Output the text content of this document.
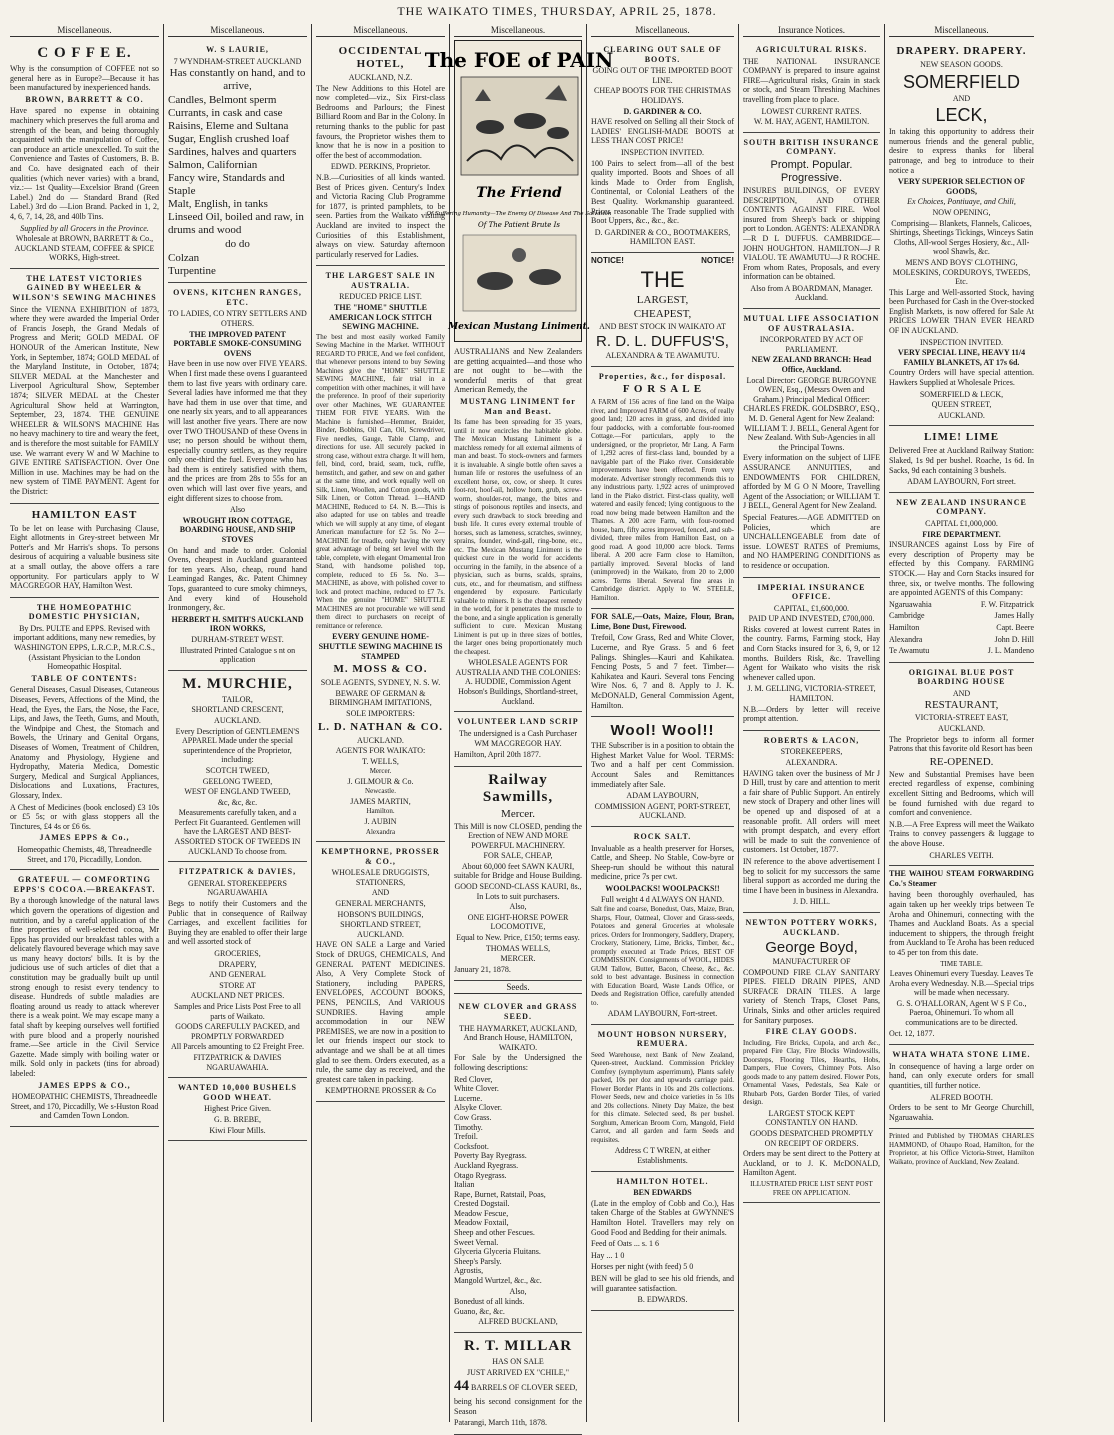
THE WAIKATO TIMES, THURSDAY, APRIL 25, 1878.
Miscellaneous.
C O F F E E.

Why is the consumption of COFFEE not so general here as in Europe?—Because it has been manufactured by inexperienced hands.

BROWN, BARRETT & CO.

Have spared no expense in obtaining machinery which preserves the full aroma and strength of the bean, and being thoroughly acquainted with the manipulation of Coffee, can produce an article unexcelled. To suit the Convenience and Tastes of Customers, B. B. and Co. have designated each of their qualities (which never varies) with a brand, viz.:— 1st Quality—Excelsior Brand (Green Label.) 2nd do — Standard Brand (Red Label.) 3rd do —Lion Brand. Packed in 1, 2, 4, 6, 7, 14, 28, and 40lb Tins.

Supplied by all Grocers in the Province.

Wholesale at BROWN, BARRETT & Co., AUCKLAND STEAM, COFFEE & SPICE WORKS, High-street.

THE LATEST VICTORIES GAINED BY WHEELER & WILSON'S SEWING MACHINES

Since the VIENNA EXHIBITION of 1873, where they were awarded the Imperial Order of Francis Joseph, the Grand Medals of Progress and Merit; GOLD MEDAL OF HONOUR of the American Institute, New York, in September, 1874; GOLD MEDAL of the Maryland Institute, in October, 1874; SILVER MEDAL at the Manchester and Liverpool Agricultural Show, September 1874; SILVER MEDAL at the Chester Agricultural Show held at Warrington, September, 23, 1874. THE GENUINE WHEELER & WILSON'S MACHINE Has no heavy machinery to tire and weary the feet, and is therefore the most suitable for FAMILY use. We warrant every W and W Machine to GIVE ENTIRE SATISFACTION. Over One Million in use. Machines may be had on the new system of TIME PAYMENT. Agent for the District:

HAMILTON EAST

To be let on lease with Purchasing Clause, Eight allotments in Grey-street between Mr Potter's and Mr Harris's shops. To persons desirous of acquiring a valuable business site at a small outlay, the above offers a rare opportunity. For particulars apply to W MACGREGOR HAY, Hamilton West.

THE HOMEOPATHIC DOMESTIC PHYSICIAN,

By Drs. PULTE and EPPS. Revised with important additions, many new remedies, by WASHINGTON EPPS, L.R.C.P., M.R.C.S., (Assistant Physician to the London Homeopathic Hospital.

TABLE OF CONTENTS:

General Diseases, Casual Diseases, Cutaneous Diseases, Fevers, Affections of the Mind, the Head, the Eyes, the Ears, the Nose, the Face, Lips, and Jaws, the Teeth, Gums, and Mouth, the Windpipe and Chest, the Stomach and Bowels, the Urinary and Genital Organs, Diseases of Women, Treatment of Children, Anatomy and Physiology, Hygiene and Hydropathy, Materia Medica, Domestic Surgery, Medical and Surgical Appliances, Dislocations and Luxations, Fractures, Glossary, Index.

A Chest of Medicines (book enclosed) £3 10s or £5 5s; or with glass stoppers all the Tinctures, £4 4s or £6 6s.

JAMES EPPS & Co.,

Homeopathic Chemists, 48, Threadneedle Street, and 170, Piccadilly, London.

GRATEFUL — COMFORTING EPPS'S COCOA.—BREAKFAST.

By a thorough knowledge of the natural laws which govern the operations of digestion and nutrition, and by a careful application of the fine properties of well-selected cocoa, Mr Epps has provided our breakfast tables with a delicately flavoured beverage which may save us many heavy doctors' bills. It is by the judicious use of such articles of diet that a constitution may be gradually built up until strong enough to resist every tendency to disease. Hundreds of subtle maladies are floating around us ready to attack wherever there is a weak point. We may escape many a fatal shaft by keeping ourselves well fortified with pure blood and a properly nourished frame.—See article in the Civil Service Gazette. Made simply with boiling water or milk. Sold only in packets (tins for abroad) labeled:

JAMES EPPS & CO.,

HOMEOPATHIC CHEMISTS, Threadneedle Street, and 170, Piccadilly, We s-Huston Road and Camden Town London.

Miscellaneous.
W. S LAURIE,
7 WYNDHAM-STREET AUCKLAND

Has constantly on hand, and to arrive,

Candles, Belmont sperm

Currants, in cask and case

Raisins, Eleme and Sultana

Sugar, English crushed loaf

Sardines, halves and quarters

Salmon, Californian

Fancy wire, Standards and Staple

Malt, English, in tanks

Linseed Oil, boiled and raw, in drums and wood

do do

Colzan

Turpentine

OVENS, KITCHEN RANGES, ETC.

TO LADIES, CO NTRY SETTLERS AND OTHERS.

THE IMPROVED PATENT PORTABLE SMOKE-CONSUMING OVENS

Have been in use now over FIVE YEARS. When I first made these ovens I guaranteed them to last five years with ordinary care. Several ladies have informed me that they have had them in use over that time, and one nearly six years, and to all appearances will last another five years. There are now over TWO THOUSAND of these Ovens in use; no person should be without them, especially country settlers, as they require only one-third the fuel. Everyone who has had them is entirely satisfied with them, and the prices are from 28s to 55s for an oven which will last over five years, and eight different sizes to choose from.

Also

WROUGHT IRON COTTAGE, BOARDING HOUSE, AND SHIP STOVES

On hand and made to order. Colonial Ovens, cheapest in Auckland guaranteed for ten years. Also, cheap, round hand Leamingad Ranges, &c. Patent Chimney Tops, guaranteed to cure smoky chimneys, And every kind of Household Ironmongery, &c.

HERBERT H. SMITH'S AUCKLAND IRON WORKS,

DURHAM-STREET WEST.

Illustrated Printed Catalogue s nt on application

M. MURCHIE,

TAILOR,

SHORTLAND CRESCENT,

AUCKLAND.

Every Description of GENTLEMEN'S APPAREL Made under the special superintendence of the Proprietor, including:

SCOTCH TWEED,

GEELONG TWEED,

WEST OF ENGLAND TWEED,

&c, &c, &c.

Measurements carefully taken, and a Perfect Fit Guaranteed. Gentlemen will have the LARGEST AND BEST-ASSORTED STOCK OF TWEEDS IN AUCKLAND To choose from.

FITZPATRICK & DAVIES,

GENERAL STOREKEEPERS NGARUAWAHIA

Begs to notify their Customers and the Public that in consequence of Railway Carriages, and excellent facilities for Buying they are enabled to offer their large and well assorted stock of

GROCERIES,

DRAPERY,

AND GENERAL

STORE AT

AUCKLAND NET PRICES.

Samples and Price Lists Post Free to all parts of Waikato.

GOODS CAREFULLY PACKED, and PROMPTLY FORWARDED

All Parcels amounting to £2 Freight Free.

FITZPATRICK & DAVIES NGARUAWAHIA.

WANTED 10,000 BUSHELS GOOD WHEAT.

Highest Price Given.

G. B. BREBE,

Kiwi Flour Mills.

Miscellaneous.
OCCIDENTAL HOTEL,

AUCKLAND, N.Z.

The New Additions to this Hotel are now completed—viz., Six First-class Bedrooms and Parlours; the Finest Billiard Room and Bar in the Colony. In returning thanks to the public for past favours, the Proprietor wishes them to know that he is now in a position to offer the best of accommodation.

EDWD. PERKINS, Proprietor.

N.B.—Curiosities of all kinds wanted. Best of Prices given. Century's Index and Victoria Racing Club Programme for 1877, is printed pamphlets, to be seen. Parties from the Waikato visiting Auckland are invited to inspect the Curiosities of this Establishment, always on view. Saturday afternoon particularly reserved for Ladies.

THE LARGEST SALE IN AUSTRALIA.

REDUCED PRICE LIST.

THE "HOME" SHUTTLE AMERICAN LOCK STITCH SEWING MACHINE.

The best and most easily worked Family Sewing Machine in the Market. WITHOUT REGARD TO PRICE, And we feel confident, that whenever persons intend to buy Sewing Machines give the "HOME" SHUTTLE SEWING MACHINE, fair trial in a competition with other machines, it will have the preference. In proof of their superiority over other Machines, WE GUARANTEE THEM FOR FIVE YEARS. With the Machine is furnished—Hemmer, Braider, Binder, Bobbins, Oil Can, Oil, Screwdriver, Five needles, Gauge, Table Clamp, and directions for use. All securely packed in strong case, without extra charge. It will hem, fell, bind, cord, braid, seam, tuck, ruffle, hemstitch, and gather, and sew on and gather at the same time, and work equally well on Silk, Linen, Woollen, and Cotton goods, with Silk Linen, or Cotton Thread. 1—HAND MACHINE, Reduced to £4. N. B.—This is also adapted for use on tables and treadle which we will supply at any time, of elegant American manufacture for £2 5s. No 2—MACHINE for treadle, only having the very great advantage of being set level with the table, complete, with elegant Ornamental Iron Stand, with handsome polished top, complete, reduced to £6 5s. No. 3—MACHINE, as above, with polished cover to lock and protect machine, reduced to £7 7s. When the genuine "HOME" SHUTTLE MACHINES are not procurable we will send them direct to purchasers on receipt of remittance or reference.

EVERY GENUINE HOME-SHUTTLE SEWING MACHINE IS STAMPED

M. MOSS & CO.

SOLE AGENTS, SYDNEY, N. S. W.

BEWARE OF GERMAN & BIRMINGHAM IMITATIONS,

SOLE IMPORTERS:

L. D. NATHAN & CO.

AUCKLAND.

AGENTS FOR WAIKATO:

T. WELLS,

Mercer.

J. GILMOUR & Co.

Newcastle.

JAMES MARTIN,

Hamilton.

J. AUBIN

Alexandra

KEMPTHORNE, PROSSER & CO.,

WHOLESALE DRUGGISTS, STATIONERS,

AND

GENERAL MERCHANTS,

HOBSON'S BUILDINGS,

SHORTLAND STREET, AUCKLAND.

HAVE ON SALE a Large and Varied Stock of DRUGS, CHEMICALS, And GENERAL PATENT MEDICINES. Also, A Very Complete Stock of Stationery, including PAPERS, ENVELOPES, ACCOUNT BOOKS, PENS, PENCILS, And VARIOUS SUNDRIES. Having ample accommodation in our NEW PREMISES, we are now in a position to let our friends inspect our stock to advantage and we shall be at all times glad to see them. Orders executed, as a rule, the same day as received, and the greatest care taken in packing.

KEMPTHORNE PROSSER & Co

Miscellaneous.
The FOE of PAIN
The Friend
Of Suffering Humanity—The Enemy Of Disease And The Salvation
Of The Patient Brute Is
Mexican Mustang Liniment.

AUSTRALIANS and New Zealanders are getting acquainted—and those who are not ought to be—with the wonderful merits of that great American Remedy, the

MUSTANG LINIMENT for Man and Beast.

Its fame has been spreading for 35 years, until it now encircles the habitable globe. The Mexican Mustang Liniment is a matchless remedy for all external ailments of man and beast. To stock-owners and farmers it is invaluable. A single bottle often saves a human life or restores the usefulness of an excellent horse, ox, cow, or sheep. It cures foot-rot, hoof-ail, hollow horn, grub, screw-worm, shoulder-rot, mange, the bites and stings of poisonous reptiles and insects, and every such drawback to stock breeding and bush life. It cures every external trouble of horses, such as lameness, scratches, swinney, sprains, founder, wind-gall, ring-bone, etc., etc. The Mexican Mustang Liniment is the quickest cure in the world for accidents occurring in the family, in the absence of a physician, such as burns, scalds, sprains, cuts, etc., and for rheumatism, and stiffness engendered by exposure. Particularly valuable to miners. It is the cheapest remedy in the world, for it penetrates the muscle to the bone, and a single application is generally sufficient to cure. Mexican Mustang Liniment is put up in three sizes of bottles, the larger ones being proportionately much the cheapest.

WHOLESALE AGENTS FOR AUSTRALIA AND THE COLONIES: A. HUDDIE, Commission Agent Hobson's Buildings, Shortland-street, Auckland.

VOLUNTEER LAND SCRIP

The undersigned is a Cash Purchaser

WM MACGREGOR HAY.

Hamilton, April 20th 1877.

Railway Sawmills,

Mercer.

This Mill is now CLOSED, pending the Erection of NEW AND MORE POWERFUL MACHINERY.

FOR SALE, CHEAP,

About 60,000 feet SAWN KAURI, suitable for Bridge and House Building.

GOOD SECOND-CLASS KAURI, 8s., In Lots to suit purchasers.

Also,

ONE EIGHT-HORSE POWER LOCOMOTIVE,

Equal to New. Price, £150; terms easy.

THOMAS WELLS,

MERCER.

January 21, 1878.

Seeds.
NEW CLOVER and GRASS SEED.

THE HAYMARKET, AUCKLAND, And Branch House, HAMILTON, WAIKATO.

For Sale by the Undersigned the following descriptions:

Red Clover,

White Clover.

Lucerne.

Alsyke Clover.

Cow Grass.

Timothy.

Trefoil.

Cocksfoot.

Poverty Bay Ryegrass.

Auckland Ryegrass.

Otago Ryegrass.

Italian

Rape, Burnet, Ratstail, Poas,

Crested Dogstail.

Meadow Fescue,

Meadow Foxtail,

Sheep and other Fescues.

Sweet Vernal.

Glyceria Glyceria Fluitans.

Sheep's Parsly.

Agrostis,

Mangold Wurtzel, &c., &c.

Also,

Bonedust of all kinds.

Guano, &c, &c.

ALFRED BUCKLAND,

R. T. MILLAR

HAS ON SALE

JUST ARRIVED EX "CHILE,"

44 BARRELS OF CLOVER SEED,

being his second consignment for the Season

Patarangi, March 11th, 1878.

Miscellaneous.
CLEARING OUT SALE OF BOOTS.

GOING OUT OF THE IMPORTED BOOT LINE.

CHEAP BOOTS FOR THE CHRISTMAS HOLIDAYS.

D. GARDINER & CO.

HAVE resolved on Selling all their Stock of LADIES' ENGLISH-MADE BOOTS at LESS THAN COST PRICE!

INSPECTION INVITED.

100 Pairs to select from—all of the best quality imported. Boots and Shoes of all kinds Made to Order from English, Continental, or Colonial Leathers of the Best Quality. Workmanship guaranteed. Prices reasonable The Trade supplied with Boot Uppers, &c., &c., &c.

D. GARDINER & CO., BOOTMAKERS, HAMILTON EAST.

NOTICE!	NOTICE!

THE

LARGEST,

CHEAPEST,

AND BEST STOCK IN WAIKATO AT

R. D. L. DUFFUS'S,

ALEXANDRA & TE AWAMUTU.

Properties, &c., for disposal.
F O R S A L E

A FARM of 156 acres of fine land on the Waipa river, and Improved FARM of 600 Acres, of really good land; 120 acres in grass, and divided into four paddocks, with a comfortable four-roomed Cottage.—For particulars, apply to the undersigned, or the proprietor, Mr Lang. A Farm of 1,292 acres of first-class land, bounded by a navigable part of the Piako river. Considerable improvements have been effected. From very moderate. Advertiser strongly recommends this to any industrious party. 1,922 acres of unimproved land in the Piako district. First-class quality, well watered and easily fenced; lying contiguous to the road now being made between Hamilton and the Thames. A 200 acre Farm, with four-roomed house, barn, fifty acres improved, fenced, and sub-divided, three miles from Hamilton East, on a good road. A good 10,000 acre block. Terms liberal. A 200 acre Farm close to Hamilton, partially improved. Several blocks of land (unimproved) in the Waikato, from 20 to 2,000 acres. Terms liberal. Several fine areas in Cambridge district. Apply to W. STEELE, Hamilton.

FOR SALE,—Oats, Maize, Flour, Bran, Lime, Bone Dust, Firewood.

Trefoil, Cow Grass, Red and White Clover, Lucerne, and Rye Grass. 5 and 6 feet Palings. Shingles—Kauri and Kahikatea. Fencing Posts, 5 and 7 feet. Timber—Kahikatea and Kauri. Several tons Fencing Wire Nos. 6, 7 and 8. Apply to J. K. McDONALD, General Commission Agent, Hamilton.

Wool! Wool!!

THE Subscriber is in a position to obtain the Highest Market Value for Wool. TERMS: Two and a half per cent Commission. Account Sales and Remittances immediately after Sale.

ADAM LAYBOURN,

COMMISSION AGENT, PORT-STREET, AUCKLAND.

ROCK SALT.

Invaluable as a health preserver for Horses, Cattle, and Sheep. No Stable, Cow-byre or Sheep-run should be without this natural medicine, price 7s per cwt.

WOOLPACKS! WOOLPACKS!!

Full weight 4 d ALWAYS ON HAND.

Salt fine and coarse, Bonedust, Oats, Maize, Bran, Sharps, Flour, Oatmeal, Clover and Grass-seeds, Potatoes and general Groceries at wholesale prices. Orders for Ironmongery, Saddlery, Drapery, Crockery, Stationery, Lime, Bricks, Timber, &c., promptly executed at Trade Prices, BEST OF COMMISSION. Consignments of WOOL, HIDES GUM Tallow, Butter, Bacon, Cheese, &c., &c. sold to best advantage. Business in connection with Education Board, Waste Lands Office, or Deeds and Registration Office, carefully attended to.

ADAM LAYBOURN, Fort-street.

MOUNT HOBSON NURSERY, REMUERA.

Seed Warehouse, next Bank of New Zealand, Queen-street, Auckland. Commission Prickley Comfrey (symphytum asperrimum), Plants safely packed, 10s per doz and upwards carriage paid. Flower Border Plants in 10s and 20s collections. Flower Seeds, new and choice varieties in 5s 10s and 20s collections. Ninety Day Maize, the best for this climate. Selected seed, 8s per bushel. Sorghum, American Broom Corn, Mangold, Field Carrot, and all garden and farm Seeds and requisites.

Address C T WREN, at either Establishments.

HAMILTON HOTEL.

BEN EDWARDS

(Late in the employ of Cobb and Co.), Has taken Charge of the Stables at GWYNNE'S Hamilton Hotel. Travellers may rely on Good Food and Bedding for their animals.

Feed of Oats ... s. 1 6

Hay ... 1 0

Horses per night (with feed) 5 0

BEN will be glad to see his old friends, and will guarantee satisfaction.

B. EDWARDS.

Insurance Notices.
AGRICULTURAL RISKS.

THE NATIONAL INSURANCE COMPANY is prepared to insure against FIRE—Agricultural risks, Grain in stack or stock, and Steam Threshing Machines travelling from place to place.

LOWEST CURRENT RATES.

W. M. HAY, AGENT, HAMILTON.

SOUTH BRITISH INSURANCE COMPANY.

Prompt. Popular. Progressive.

INSURES BUILDINGS, OF EVERY DESCRIPTION, AND OTHER CONTENTS AGAINST FIRE. Wool insured from Sheep's back or shipping port to London. AGENTS: ALEXANDRA—R D L DUFFUS. CAMBRIDGE—JOHN HOUGHTON. HAMILTON—J R VIALOU. TE AWAMUTU—J R ROCHE. From whom Rates, Proposals, and every information can be obtained.

Also from A BOARDMAN, Manager. Auckland.

MUTUAL LIFE ASSOCIATION OF AUSTRALASIA.

INCORPORATED BY ACT OF PARLIAMENT.

NEW ZEALAND BRANCH: Head Office, Auckland.

Local Director: GEORGE BURGOYNE OWEN, Esq., (Messrs Owen and Graham.) Principal Medical Officer: CHARLES FREDK. GOLDSBRO', ESQ., M. D. General Agent for New Zealand: WILLIAM T. J. BELL, General Agent for New Zealand. With Sub-Agencies in all the Principal Towns.

Every information on the subject of LIFE ASSURANCE ANNUITIES, and ENDOWMENTS FOR CHILDREN, afforded by M G O N Moore, Travelling Agent of the Association; or WILLIAM T. J BELL, General Agent for New Zealand.

Special Features.—AGE ADMITTED on Policies, which are UNCHALLENGEABLE from date of issue. LOWEST RATES of Premiums, and NO HAMPERING CONDITIONS as to residence or occupation.

IMPERIAL INSURANCE OFFICE.

CAPITAL, £1,600,000.

PAID UP AND INVESTED, £700,000.

Risks covered at lowest current Rates in the country. Farms, Farming stock, Hay and Corn Stacks insured for 3, 6, 9, or 12 months. Builders Risk, &c. Travelling Agent for Waikato who visits the risk whenever called upon.

J. M. GELLING, VICTORIA-STREET, HAMILTON.

N.B.—Orders by letter will receive prompt attention.

ROBERTS & LACON,

STOREKEEPERS,

ALEXANDRA.

HAVING taken over the business of Mr J D Hill, trust by care and attention to merit a fair share of Public Support. An entirely new stock of Drapery and other lines will be opened up and disposed of at a reasonable profit. All orders will meet with prompt despatch, and every effort will be made to suit the convenience of customers. 1st October, 1877.

IN reference to the above advertisement I beg to solicit for my successors the same liberal support as accorded me during the time I have been in business in Alexandra.

J. D. HILL.

NEWTON POTTERY WORKS, AUCKLAND.
George Boyd,

MANUFACTURER OF

COMPOUND FIRE CLAY SANITARY PIPES. FIELD DRAIN PIPES, AND SURFACE DRAIN TILES. A large variety of Stench Traps, Closet Pans, Urinals, Sinks and other articles required for Sanitary purposes.

FIRE CLAY GOODS.

Including, Fire Bricks, Cupola, and arch &c., prepared Fire Clay, Fire Blocks Windowsills, Doorsteps, Flooring Tiles, Hearths, Hobs, Dampers, Flue Covers, Chimney Pots. Also goods made to any pattern desired. Flower Pots, Ornamental Vases, Pedestals, Sea Kale or Rhubarb Pots, Garden Border Tiles, of varied design.

LARGEST STOCK KEPT CONSTANTLY ON HAND.

GOODS DESPATCHED PROMPTLY ON RECEIPT OF ORDERS.

Orders may be sent direct to the Pottery at Auckland, or to J. K. McDONALD, Hamilton Agent.

ILLUSTRATED PRICE LIST SENT POST FREE ON APPLICATION.

Miscellaneous.
DRAPERY. DRAPERY.

NEW SEASON GOODS.

SOMERFIELD

AND

LECK,

In taking this opportunity to address their numerous friends and the general public, desire to express thanks for liberal patronage, and beg to introduce to their notice a

VERY SUPERIOR SELECTION OF GOODS,

Ex Choices, Pontiuaye, and Chili,

NOW OPENING,

Comprising— Blankets, Flannels, Calicoes, Shirtings, Sheetings Tickings, Winceys Satin Cloths, All-wool Serges Hosiery, &c., All-wool Shawls, &c.

MEN'S AND BOYS' CLOTHING, MOLESKINS, CORDUROYS, TWEEDS, Etc.

This Large and Well-assorted Stock, having been Purchased for Cash in the Over-stocked English Markets, is now offered for Sale At PRICES LOWER THAN EVER HEARD OF IN AUCKLAND.

INSPECTION INVITED.

VERY SPECIAL LINE, HEAVY 11/4 FAMILY BLANKETS, AT 17s 6d.

Country Orders will have special attention. Hawkers Supplied at Wholesale Prices.

SOMERFIELD & LECK,

QUEEN STREET,

AUCKLAND.

LIME! LIME

Delivered Free at Auckland Railway Station: Slaked, 1s 9d per bushel. Roache, 1s 6d. In Sacks, 9d each containing 3 bushels.

ADAM LAYBOURN, Fort street.

NEW ZEALAND INSURANCE COMPANY.

CAPITAL £1,000,000.

FIRE DEPARTMENT.

INSURANCES against Loss by Fire of every description of Property may be effected by this Company. FARMING STOCK.— Hay and Corn Stacks insured for three, six, or twelve months. The following are appointed AGENTS of this Company:

Ngaruawahia	F. W. Fitzpatrick

Cambridge	James Hally

Hamilton	Capt. Beere

Alexandra	John D. Hill

Te Awamutu	J. L. Mandeno

ORIGINAL BLUE POST BOARDING HOUSE

AND

RESTAURANT,

VICTORIA-STREET EAST,

AUCKLAND.

The Proprietor begs to inform all former Patrons that this favorite old Resort has been

RE-OPENED.

New and Substantial Premises have been erected regardless of expense, combining excellent Sitting and Bedrooms, which will be found furnished with due regard to comfort and convenience.

N.B.—A Free Express will meet the Waikato Trains to convey passengers & luggage to the above House.

CHARLES VEITH.

THE WAIHOU STEAM FORWARDING Co.'s Steamer

having been thoroughly overhauled, has again taken up her weekly trips between Te Aroha and Ohinemuri, connecting with the Thames and Auckland Boats. As a special inducement to shippers, the through freight from Auckland to Te Aroha has been reduced to 45 per ton from this date.

TIME TABLE.

Leaves Ohinemuri every Tuesday. Leaves Te Aroha every Wednesday. N.B.—Special trips will be made when necessary.

G. S. O'HALLORAN, Agent W S F Co., Paeroa, Ohinemuri. To whom all communications are to be directed.

Oct. 12, 1877.

WHATA WHATA STONE LIME.

In consequence of having a large order on hand, can only execute orders for small quantities, till further notice.

ALFRED BOOTH.

Orders to be sent to Mr George Churchill, Ngaruawahia.

Printed and Published by THOMAS CHARLES HAMMOND, of Ohaupo Road, Hamilton, for the Proprietor, at his Office Victoria-Street, Hamilton Waikato, province of Auckland, New Zealand.
